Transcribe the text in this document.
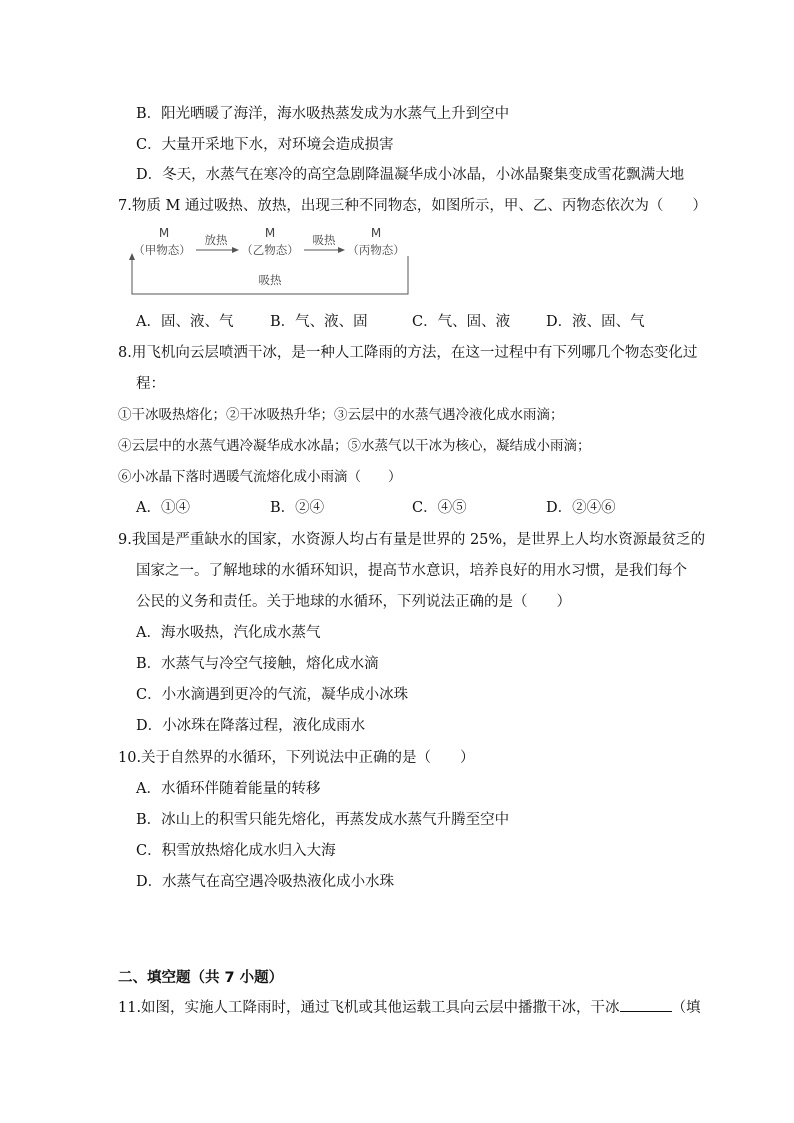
B．阳光晒暖了海洋，海水吸热蒸发成为水蒸气上升到空中
C．大量开采地下水，对环境会造成损害
D．冬天，水蒸气在寒冷的高空急剧降温凝华成小冰晶，小冰晶聚集变成雪花飘满大地
7.物质 M 通过吸热、放热，出现三种不同物态，如图所示，甲、乙、丙物态依次为（　　）
M
（甲物态）
M
（乙物态）
M
（丙物态）
放热	吸热
吸热
A．固、液、气	B．气、液、固	C．气、固、液 D．液、固、气
8.用飞机向云层喷洒干冰，是一种人工降雨的方法，在这一过程中有下列哪几个物态变化过
程：
①干冰吸热熔化；②干冰吸热升华；③云层中的水蒸气遇冷液化成水雨滴；
④云层中的水蒸气遇冷凝华成水冰晶；⑤水蒸气以干冰为核心，凝结成小雨滴；
⑥小冰晶下落时遇暖气流熔化成小雨滴（　　）
A．①④	B．②④	C．④⑤	D．②④⑥
9.我国是严重缺水的国家，水资源人均占有量是世界的 25%，是世界上人均水资源最贫乏的
国家之一。了解地球的水循环知识，提高节水意识，培养良好的用水习惯，是我们每个
公民的义务和责任。关于地球的水循环，下列说法正确的是（　　）
A．海水吸热，汽化成水蒸气
B．水蒸气与冷空气接触，熔化成水滴
C．小水滴遇到更冷的气流，凝华成小冰珠
D．小冰珠在降落过程，液化成雨水
10.关于自然界的水循环，下列说法中正确的是（　　）
A．水循环伴随着能量的转移
B．冰山上的积雪只能先熔化，再蒸发成水蒸气升腾至空中
C．积雪放热熔化成水归入大海
D．水蒸气在高空遇冷吸热液化成小水珠
二、填空题（共 7 小题）
11.如图，实施人工降雨时，通过飞机或其他运载工具向云层中播撒干冰，干冰	（填
